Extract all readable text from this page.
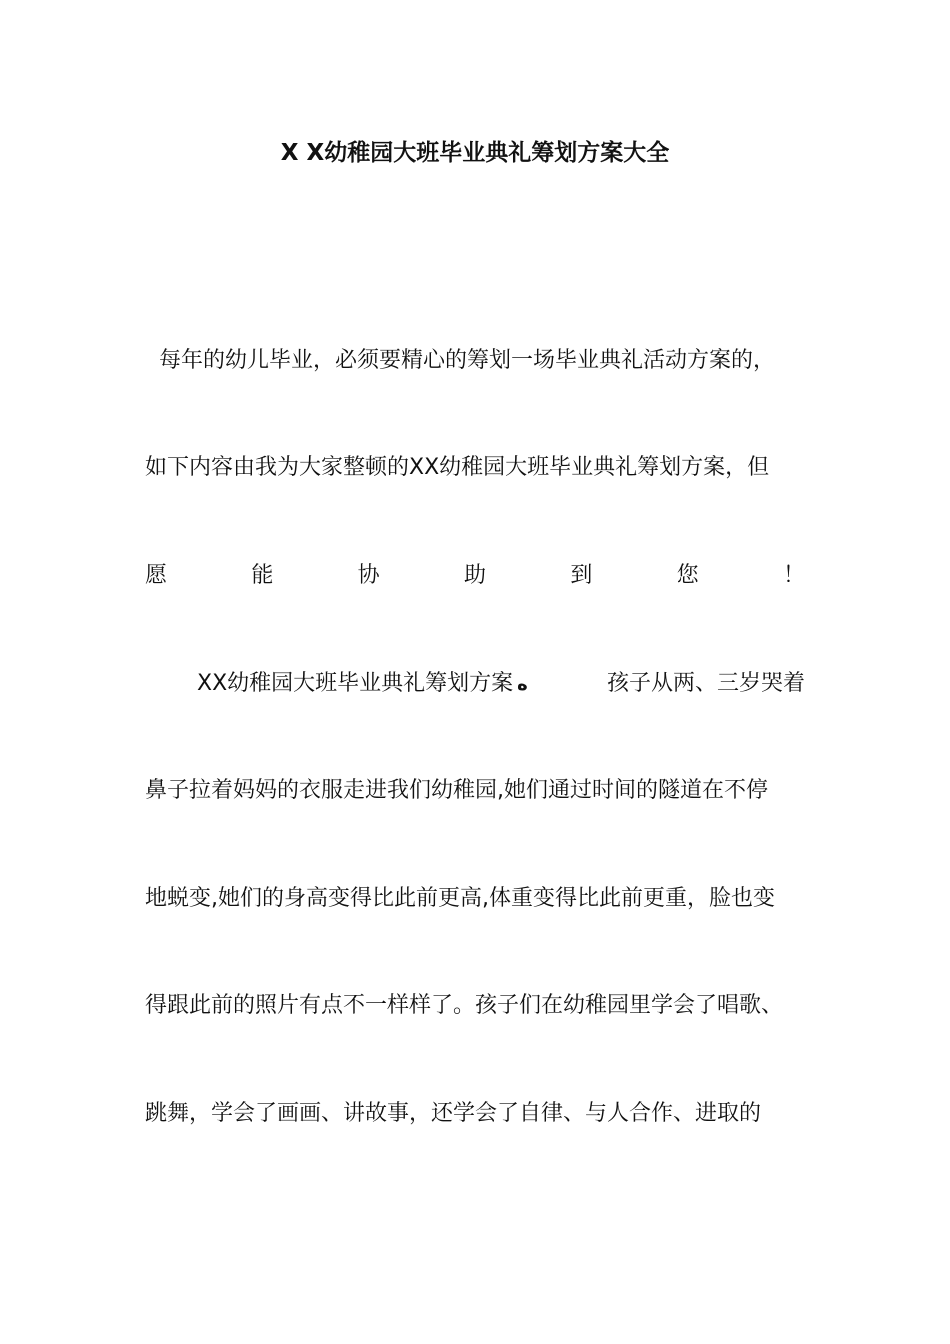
X X幼稚园大班毕业典礼筹划方案大全
每年的幼儿毕业，必须要精心的筹划一场毕业典礼活动方案的，
如下内容由我为大家整顿的XX幼稚园大班毕业典礼筹划方案，但
愿	能	协	助	到	您	！
XX幼稚园大班毕业典礼筹划方案 ه	孩子从两、三岁哭着
鼻子拉着妈妈的衣服走进我们幼稚园,她们通过时间的隧道在不停
地蜕变,她们的身高变得比此前更高,体重变得比此前更重，脸也变
得跟此前的照片有点不一样样了。孩子们在幼稚园里学会了唱歌、
跳舞，学会了画画、讲故事，还学会了自律、与人合作、进取的
